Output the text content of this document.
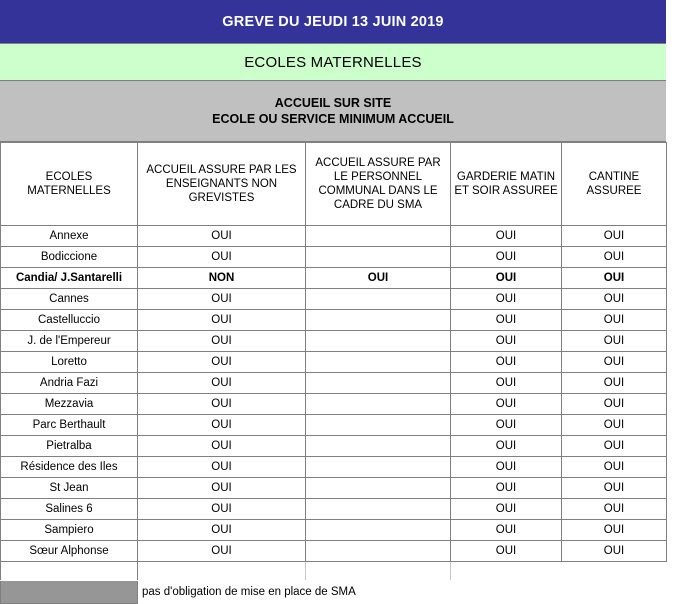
GREVE DU JEUDI 13 JUIN 2019
ECOLES MATERNELLES
ACCUEIL SUR SITE
ECOLE OU SERVICE MINIMUM ACCUEIL
ECOLES MATERNELLES	ACCUEIL ASSURE PAR LES ENSEIGNANTS NON GREVISTES	ACCUEIL ASSURE PAR LE PERSONNEL COMMUNAL DANS LE CADRE DU SMA	GARDERIE MATIN ET SOIR ASSUREE	CANTINE ASSUREE
Annexe	OUI		OUI	OUI
Bodiccione	OUI		OUI	OUI
Candia/ J.Santarelli	NON	OUI	OUI	OUI
Cannes	OUI		OUI	OUI
Castelluccio	OUI		OUI	OUI
J. de l'Empereur	OUI		OUI	OUI
Loretto	OUI		OUI	OUI
Andria Fazi	OUI		OUI	OUI
Mezzavia	OUI		OUI	OUI
Parc Berthault	OUI		OUI	OUI
Pietralba	OUI		OUI	OUI
Résidence des Iles	OUI		OUI	OUI
St Jean	OUI		OUI	OUI
Salines 6	OUI		OUI	OUI
Sampiero	OUI		OUI	OUI
Sœur Alphonse	OUI		OUI	OUI

	pas d'obligation de mise en place de SMA			
